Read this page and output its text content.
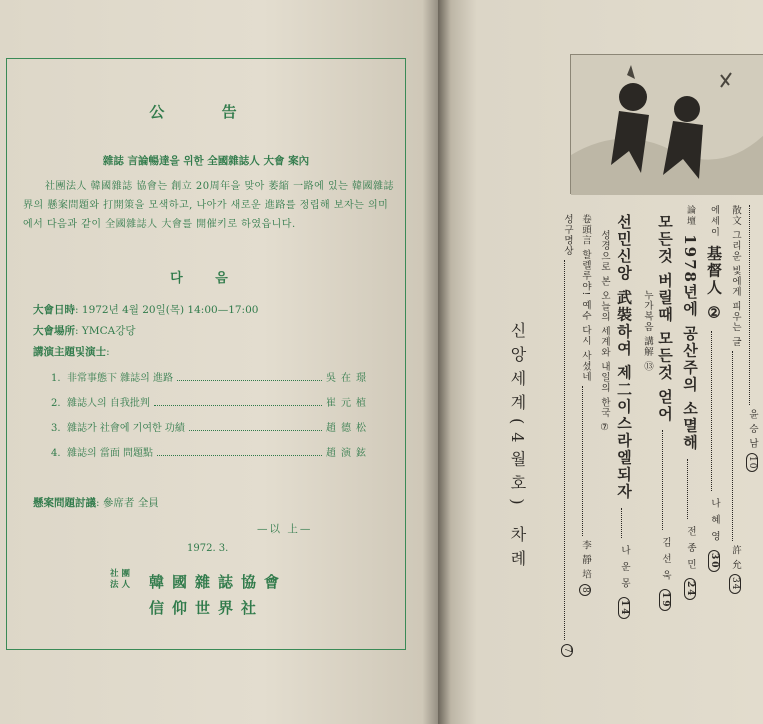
公 告
雜誌 言論暢達을 위한 全國雜誌人 大會 案內
社團法人 韓國雜誌 協會는 創立 20周年을 맞아 萎縮 一路에 있는 韓國雜誌界의 懸案問題와 打開策을 모색하고, 나아가 새로운 進路를 정립해 보자는 의미에서 다음과 같이 全國雜誌人 大會를 開催키로 하였읍니다.
다 음
大會日時: 1972년 4월 20일(목) 14:00—17:00
大會場所: YMCA강당
講演主題및演士:
1. 非常事態下 雜誌의 進路	吳在璟
2. 雜誌人의 自我批判	崔元植
3. 雜誌가 社會에 기여한 功績	趙德松
4. 雜誌의 當面 問題點	趙演鉉
懸案問題討議: 參席者 全員
—以 上—
1972. 3.
社 團
法 人 韓國雜誌協會
信仰世界社
윤 승 남 10
散文 그리운 빛에게 피우는 글  許 允 34
에세이 基督人 ②  나 혜 영 30
論壇 1978년에 공산주의 소멸해  전 종 민 24
모든것 버릴때 모든것 얻어  김 선 욱 19
누가복음 講解 ⑬
선민신앙 武裝하여 제二이스라엘되자  나 운 몽 14
성경으로 본 오늘의 세계와 내일의 한국 ⑦
卷頭言 할렐루야! 예수 다시 사셨네  李 靜 培 8
성구명상  7
신앙세계(4월호) 차례
